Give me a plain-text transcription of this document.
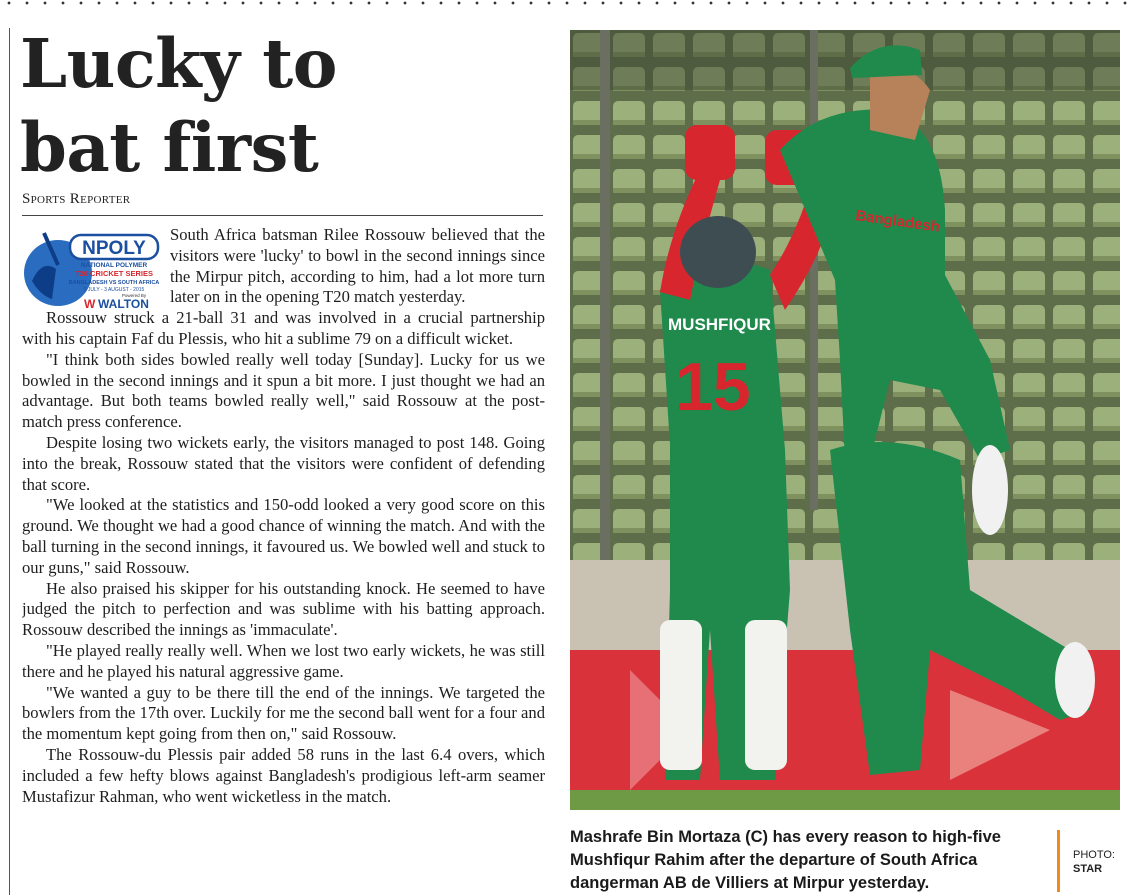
Lucky to
bat first
Sports Reporter

South Africa batsman Rilee Rossouw believed that the visitors were 'lucky' to bowl in the second innings since the Mirpur pitch, according to him, had a lot more turn later on in the opening T20 match yesterday.

Rossouw struck a 21-ball 31 and was involved in a crucial partnership with his captain Faf du Plessis, who hit a sublime 79 on a difficult wicket.

"I think both sides bowled really well today [Sunday]. Lucky for us we bowled in the second innings and it spun a bit more. I just thought we had an advantage. But both teams bowled really well," said Rossouw at the post-match press conference.

Despite losing two wickets early, the visitors managed to post 148. Going into the break, Rossouw stated that the visitors were confident of defending that score.

"We looked at the statistics and 150-odd looked a very good score on this ground. We thought we had a good chance of winning the match. And with the ball turning in the second innings, it favoured us. We bowled well and stuck to our guns," said Rossouw.

He also praised his skipper for his outstanding knock. He seemed to have judged the pitch to perfection and was sublime with his batting approach. Rossouw described the innings as 'immaculate'.

"He played really really well. When we lost two early wickets, he was still there and he played his natural aggressive game.

"We wanted a guy to be there till the end of the innings. We targeted the bowlers from the 17th over. Luckily for me the second ball went for a four and the momentum kept going from then on," said Rossouw.

The Rossouw-du Plessis pair added 58 runs in the last 6.4 overs, which included a few hefty blows against Bangladesh's prodigious left-arm seamer Mustafizur Rahman, who went wicketless in the match.

NPOLY
NATIONAL POLYMER
T20 CRICKET SERIES
BANGLADESH VS SOUTH AFRICA
5 JULY - 3 AUGUST - 2015
Powered By
W WALTON
MUSHFIQUR
15
Bangladesh
Mashrafe Bin Mortaza (C) has every reason to high-five Mushfiqur Rahim after the departure of South Africa dangerman AB de Villiers at Mirpur yesterday.
PHOTO:
STAR
